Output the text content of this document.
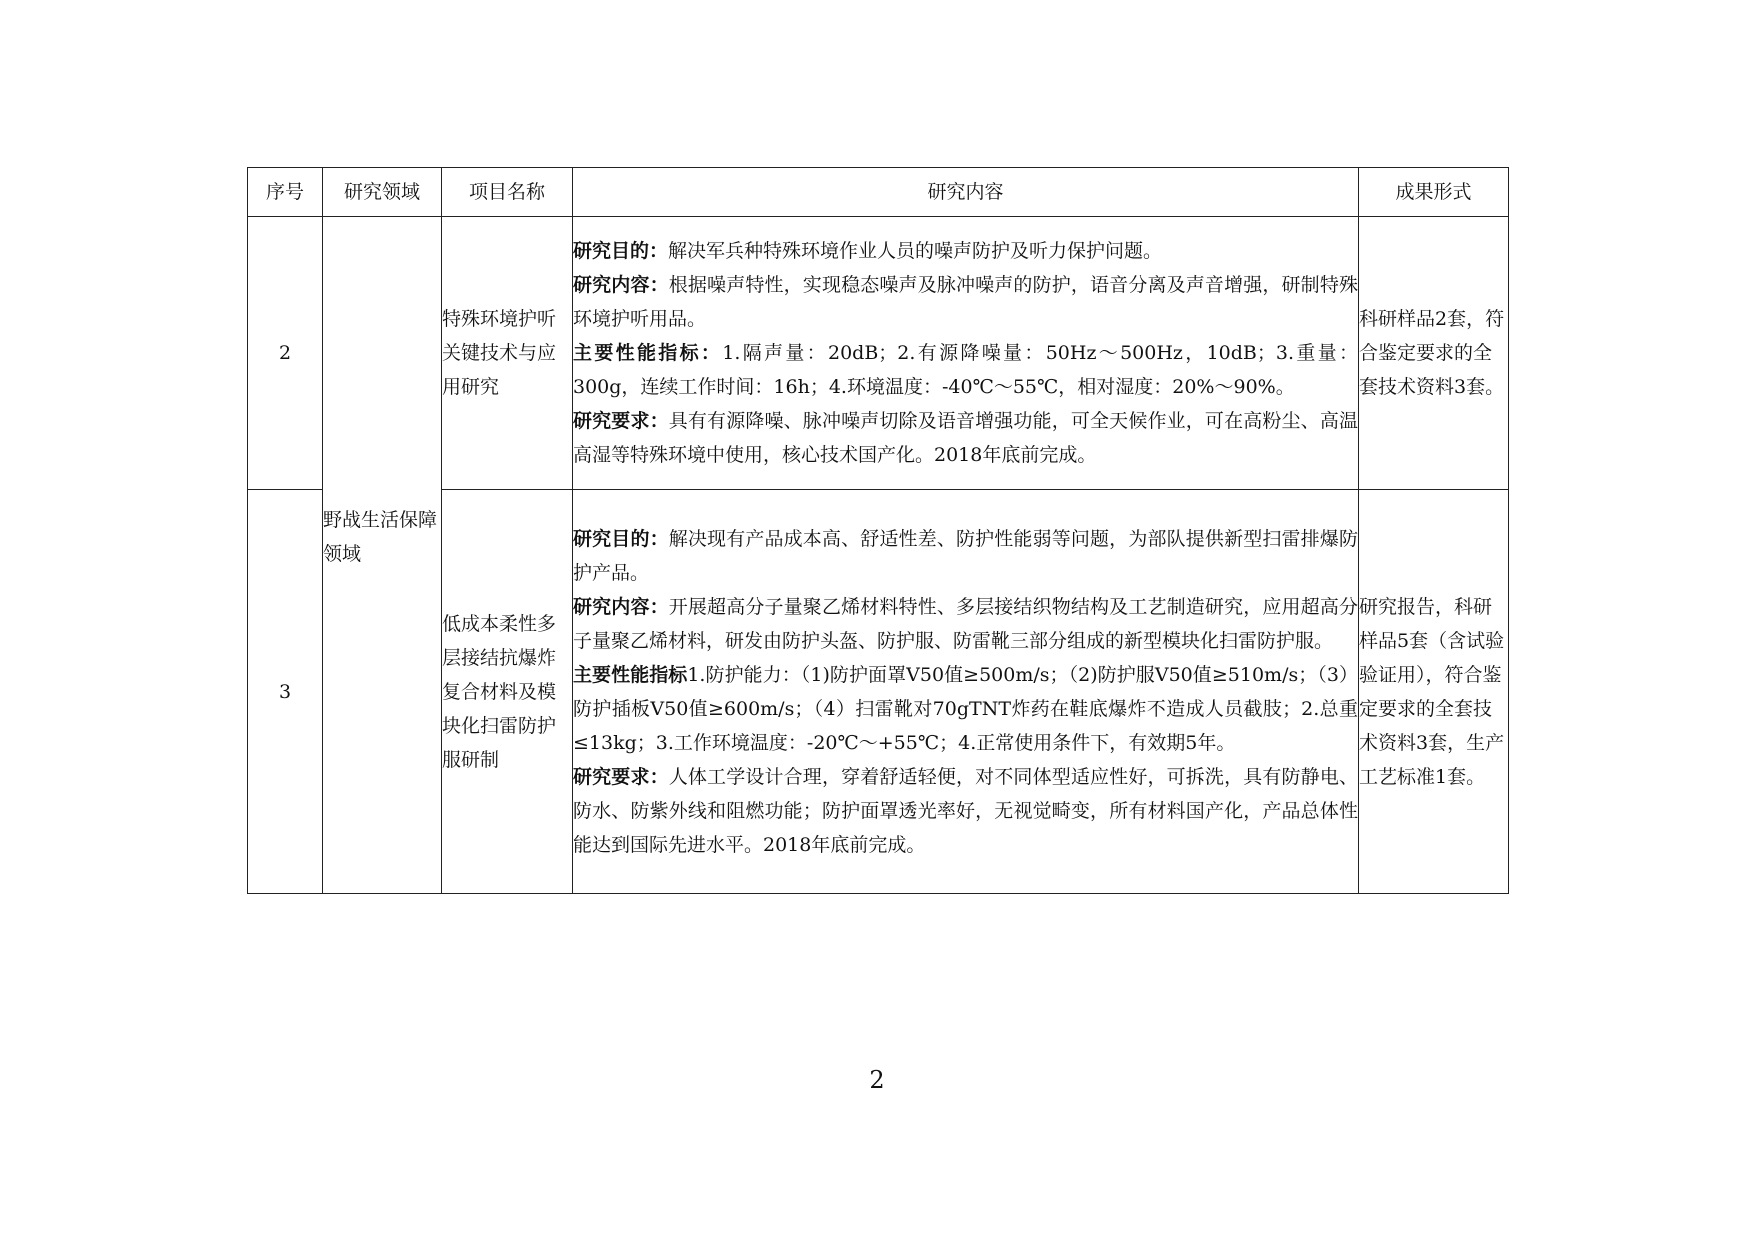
序号	研究领域	项目名称	研究内容	成果形式
2	野战生活保障领域	特殊环境护听关键技术与应用研究	研究目的：解决军兵种特殊环境作业人员的噪声防护及听力保护问题。
研究内容：根据噪声特性，实现稳态噪声及脉冲噪声的防护，语音分离及声音增强，研制特殊环境护听用品。
主要性能指标：1.隔声量：20dB；2.有源降噪量：50Hz～500Hz，10dB；3.重量：300g，连续工作时间：16h；4.环境温度：-40℃～55℃，相对湿度：20%～90%。
研究要求：具有有源降噪、脉冲噪声切除及语音增强功能，可全天候作业，可在高粉尘、高温高湿等特殊环境中使用，核心技术国产化。2018年底前完成。	科研样品2套，符合鉴定要求的全套技术资料3套。
3		低成本柔性多层接结抗爆炸复合材料及模块化扫雷防护服研制	研究目的：解决现有产品成本高、舒适性差、防护性能弱等问题，为部队提供新型扫雷排爆防护产品。
研究内容：开展超高分子量聚乙烯材料特性、多层接结织物结构及工艺制造研究，应用超高分子量聚乙烯材料，研发由防护头盔、防护服、防雷靴三部分组成的新型模块化扫雷防护服。
主要性能指标1.防护能力：（1)防护面罩V50值≥500m/s；（2)防护服V50值≥510m/s；（3）防护插板V50值≥600m/s；（4）扫雷靴对70gTNT炸药在鞋底爆炸不造成人员截肢；2.总重≤13kg；3.工作环境温度：-20℃～+55℃；4.正常使用条件下，有效期5年。
研究要求：人体工学设计合理，穿着舒适轻便，对不同体型适应性好，可拆洗，具有防静电、防水、防紫外线和阻燃功能；防护面罩透光率好，无视觉畸变，所有材料国产化，产品总体性能达到国际先进水平。2018年底前完成。	研究报告，科研样品5套（含试验验证用），符合鉴定要求的全套技术资料3套，生产工艺标准1套。
2
